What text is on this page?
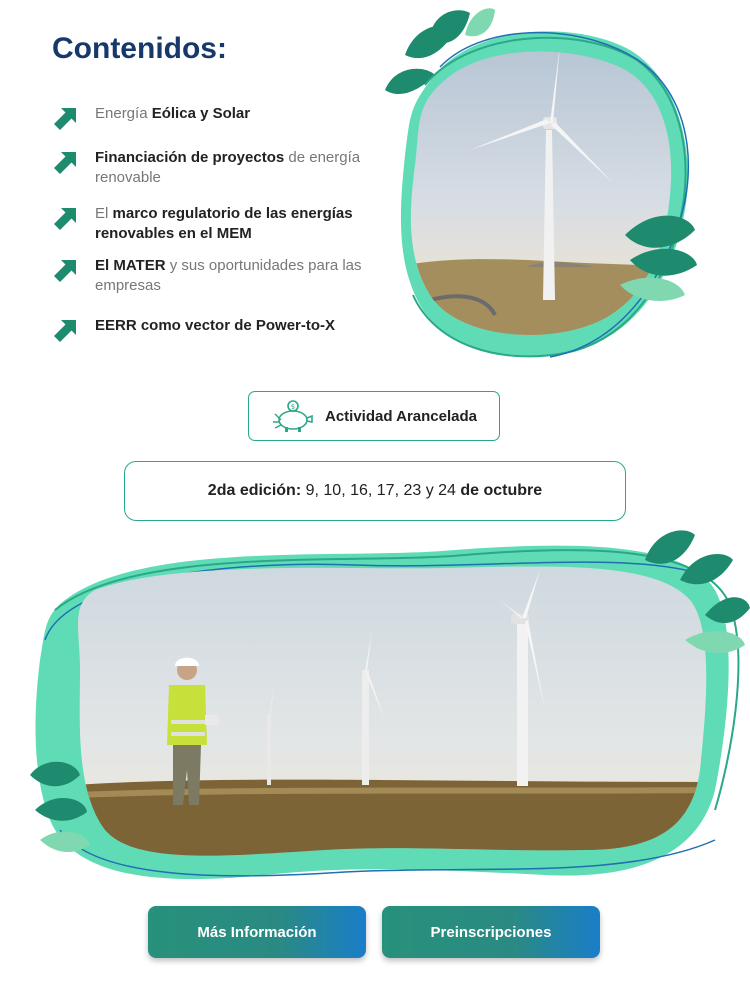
Contenidos:
Energía Eólica y Solar
Financiación de proyectos de energía renovable
El marco regulatorio de las energías renovables en el MEM
El MATER y sus oportunidades para las empresas
EERR como vector de Power-to-X
$
Actividad Arancelada
2da edición: 9, 10, 16, 17, 23 y 24 de octubre
Más Información	Preinscripciones
